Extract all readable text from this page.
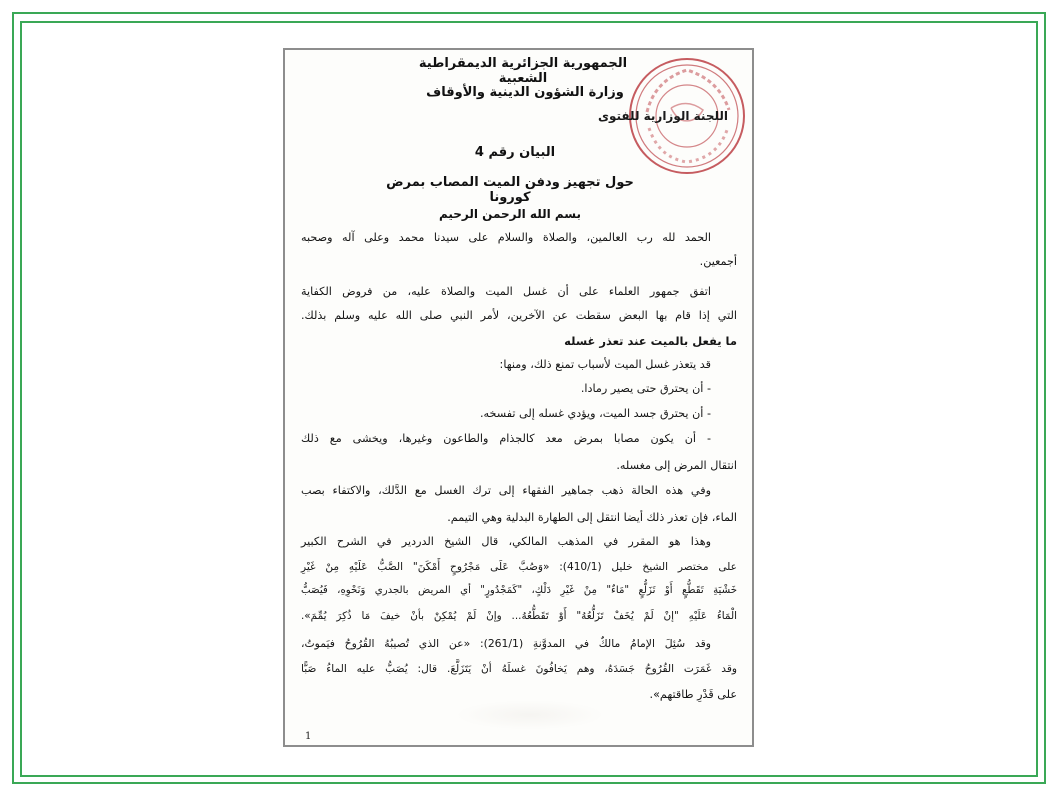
الجمهورية الجزائرية الديمقراطية الشعبية
وزارة الشؤون الدينية والأوقاف
اللجنة الوزارية للفتوى
البيان رقم 4
حول تجهيز ودفن الميت المصاب بمرض كورونا
بسم الله الرحمن الرحيم
الحمد لله رب العالمين، والصلاة والسلام على سيدنا محمد وعلى آله وصحبه
أجمعين.
اتفق جمهور العلماء على أن غسل الميت والصلاة عليه، من فروض الكفاية
التي إذا قام بها البعض سقطت عن الآخرين، لأمر النبي صلى الله عليه وسلم بذلك.
ما يفعل بالميت عند تعذر غسله
قد يتعذر غسل الميت لأسباب تمنع ذلك، ومنها:
- أن يحترق حتى يصير رمادا.
- أن يحترق جسد الميت، ويؤدي غسله إلى تفسخه.
- أن يكون مصابا بمرض معد كالجذام والطاعون وغيرها، ويخشى مع ذلك
انتقال المرض إلى مغسله.
وفي هذه الحالة ذهب جماهير الفقهاء إلى ترك الغسل مع الدَّلك، والاكتفاء بصب
الماء، فإن تعذر ذلك أيضا انتقل إلى الطهارة البدلية وهي التيمم.
وهذا هو المقرر في المذهب المالكي، قال الشيخ الدردير في الشرح الكبير
على مختصر الشيخ خليل (410/1): «وَصُبَّ عَلَى مَجْرُوحٍ أَمْكَنَ" الصَّبُّ عَلَيْهِ مِنْ غَيْرِ
خَشْيَةِ تَقَطُّعٍ أَوْ تَزَلُّعٍ "مَاءٌ" مِنْ غَيْرِ دَلْكٍ، "كَمَجْدُورٍ" أي المريض بالجدري وَنَحْوِهِ، فَيُصَبُّ
الْمَاءُ عَلَيْهِ "إنْ لَمْ يُخَفْ تَزَلُّعُهُ" أَوْ تَقَطُّعُهُ... وإنْ لَمْ يُمْكِنْ بأنْ خيفَ مَا ذُكِرَ يُمِّمَ».
وقد سُئِلَ الإمامُ مالكٌ في المدوَّنةِ (261/1): «عن الذي تُصيبُهُ القُرُوحُ فيَموتُ،
وقد غَمَرَت القُرُوحُ جَسَدَهُ، وهم يَخافُونَ غسلَهُ أنْ يَتَزَلَّعَ. قال: يُصَبُّ عليه الماءُ صَبًّا
على قَدْرِ طاقتهم».
1
